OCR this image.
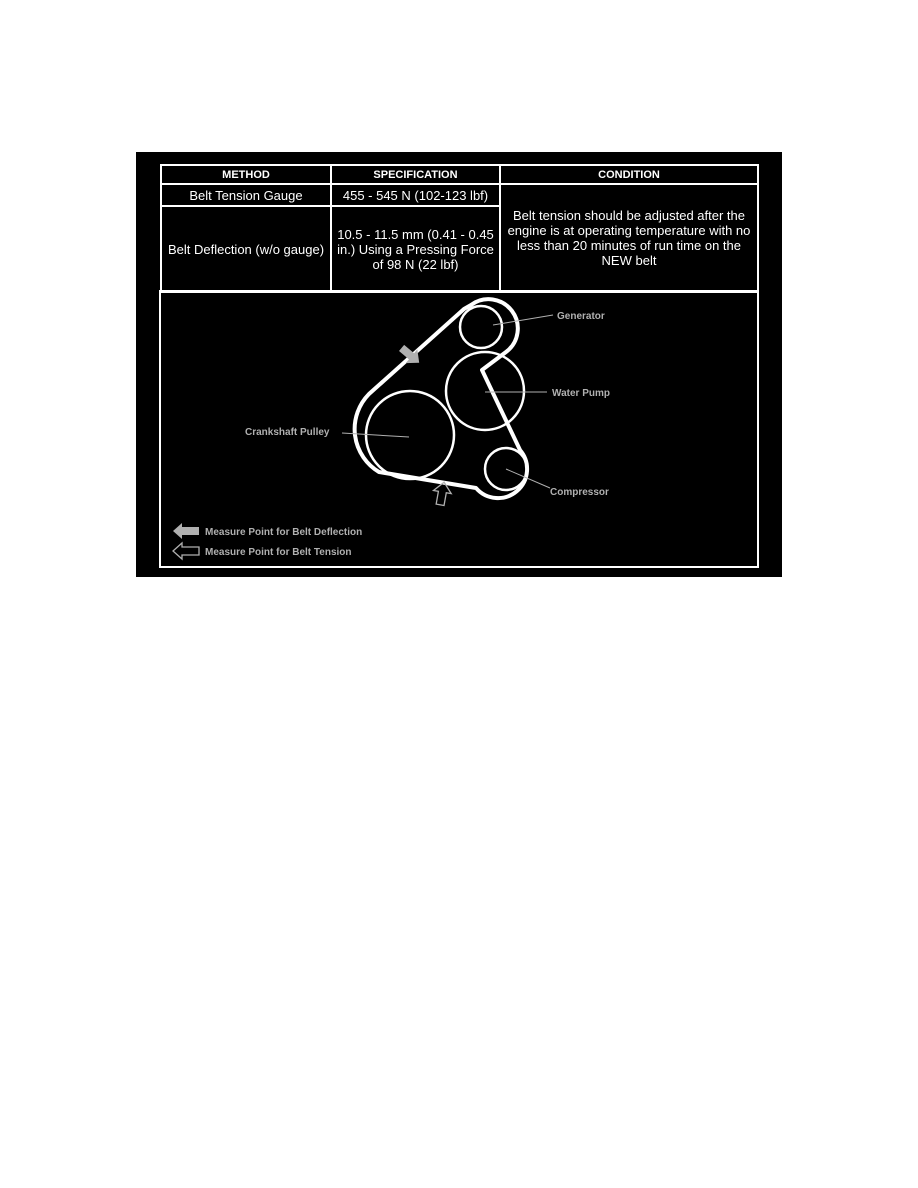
METHOD	SPECIFICATION	CONDITION
Belt Tension Gauge	455 - 545 N (102-123 lbf)	Belt tension should be adjusted after the engine is at operating temperature with no less than 20 minutes of run time on the NEW belt
Belt Deflection (w/o gauge)	10.5 - 11.5 mm (0.41 - 0.45 in.) Using a Pressing Force of 98 N (22 lbf)	
Generator
Water Pump
Crankshaft Pulley
Compressor
Measure Point for Belt Deflection
Measure Point for Belt Tension
